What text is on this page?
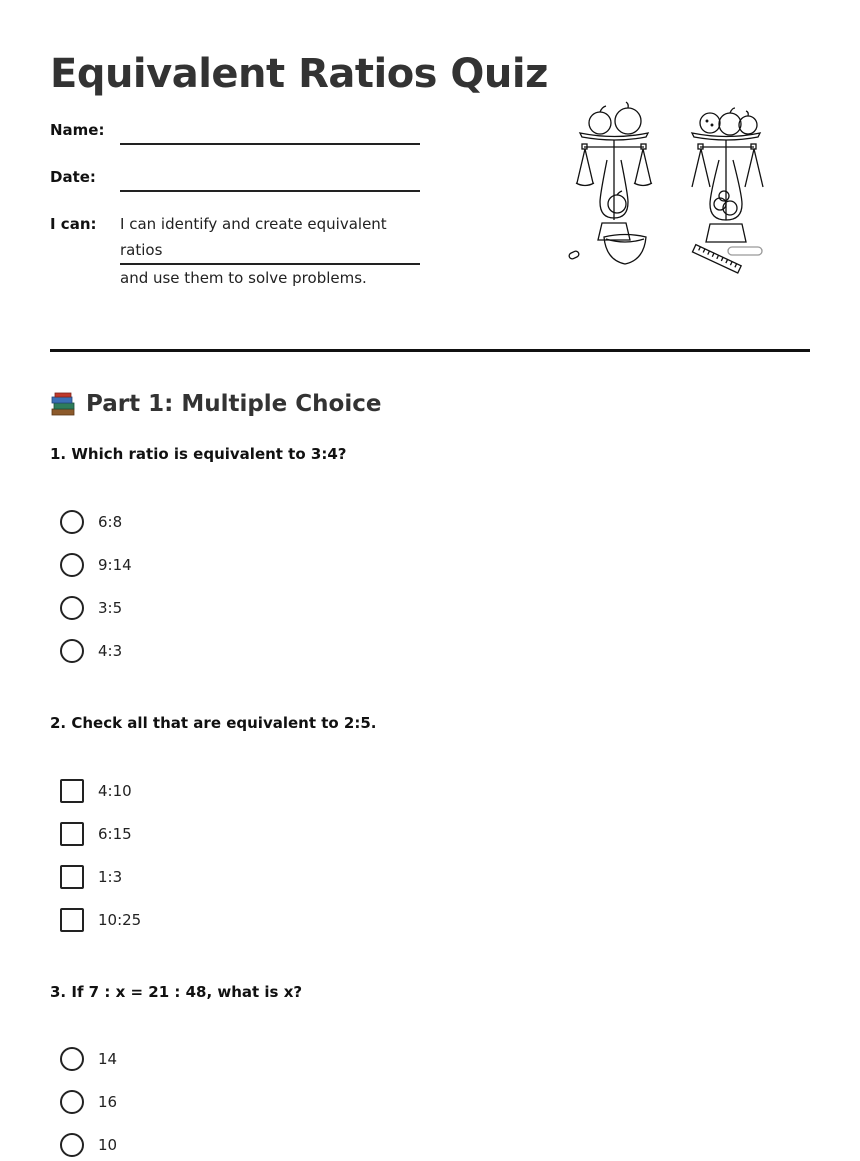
Equivalent Ratios Quiz
Name:
Date:
I can: I can identify and create equivalent ratios
and use them to solve problems.
Part 1: Multiple Choice

1. Which ratio is equivalent to 3:4?

6:8
9:14
3:5
4:3

2. Check all that are equivalent to 2:5.

4:10
6:15
1:3
10:25

3. If 7 : x = 21 : 48, what is x?

14
16
10
